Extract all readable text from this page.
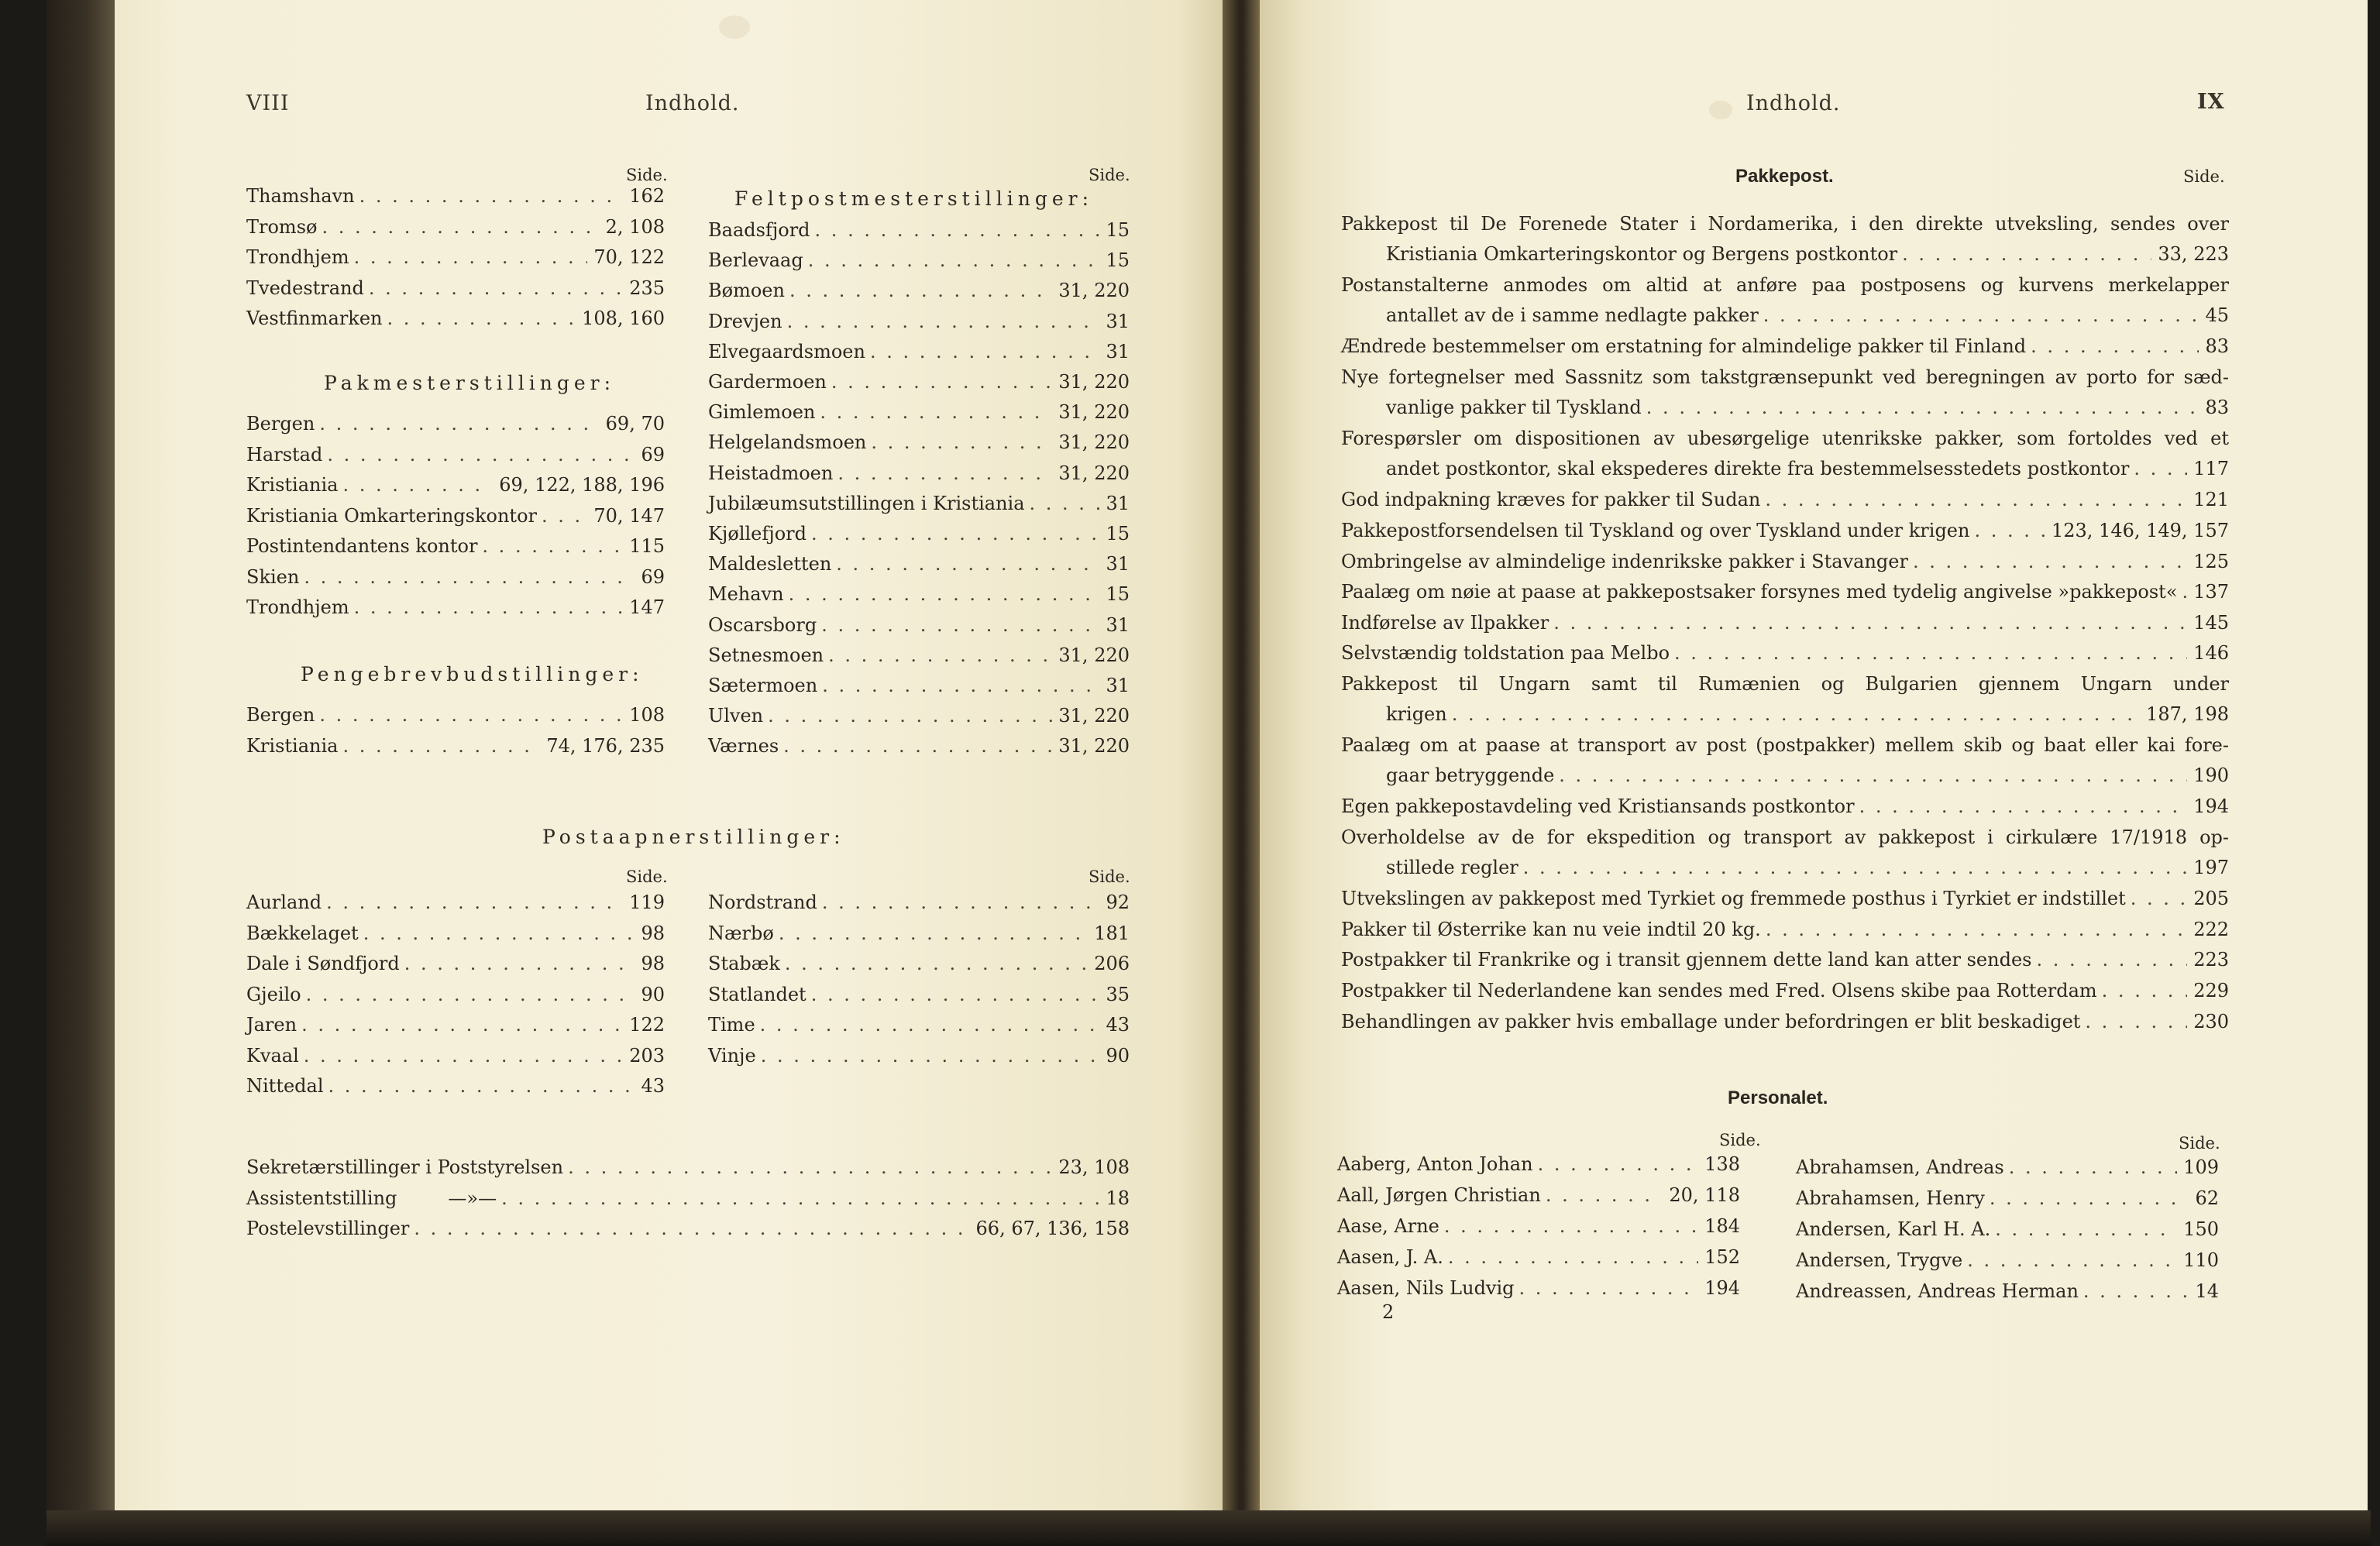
VIII	Indhold.
Side.
Thamshavn . . .	162
Tromsø . . .	2, 108
Trondhjem . . .	70, 122
Tvedestrand . . .	235
Vestfinmarken . . .	108, 160
Pakmesterstillinger:
Bergen . . .	69, 70
Harstad . . .	69
Kristiania . . .	69, 122, 188, 196
Kristiania Omkarteringskontor . . .	70, 147
Postintendantens kontor . . .	115
Skien . . .	69
Trondhjem . . .	147
Pengebrevbudstillinger:
Bergen . . .	108
Kristiania . . .	74, 176, 235
Side.
Feltpostmesterstillinger:
Baadsfjord . . .	15
Berlevaag . . .	15
Bømoen . . .	31, 220
Drevjen . . .	31
Elvegaardsmoen . . .	31
Gardermoen . . .	31, 220
Gimlemoen . . .	31, 220
Helgelandsmoen . . .	31, 220
Heistadmoen . . .	31, 220
Jubilæumsutstillingen i Kristiania . . .	31
Kjøllefjord . . .	15
Maldesletten . . .	31
Mehavn . . .	15
Oscarsborg . . .	31
Setnesmoen . . .	31, 220
Sætermoen . . .	31
Ulven . . .	31, 220
Værnes . . .	31, 220
Postaapnerstillinger:
Side.	Side.
Aurland . . .	119
Bækkelaget . . .	98
Dale i Søndfjord . . .	98
Gjeilo . . .	90
Jaren . . .	122
Kvaal . . .	203
Nittedal . . .	43
Nordstrand . . .	92
Nærbø . . .	181
Stabæk . . .	206
Statlandet . . .	35
Time . . .	43
Vinje . . .	90
Sekretærstillinger i Poststyrelsen . . .	23, 108
Assistentstilling	—»— . . .	18
Postelevstillinger . . .	66, 67, 136, 158
Indhold.	IX
Pakkepost.	Side.
Pakkepost til De Forenede Stater i Nordamerika, i den direkte utveksling, sendes over
Kristiania Omkarteringskontor og Bergens postkontor . . .	33, 223
Postanstalterne anmodes om altid at anføre paa postposens og kurvens merkelapper
antallet av de i samme nedlagte pakker . . .	45
Ændrede bestemmelser om erstatning for almindelige pakker til Finland . . .	83
Nye fortegnelser med Sassnitz som takstgrænsepunkt ved beregningen av porto for sæd-
vanlige pakker til Tyskland . . .	83
Forespørsler om dispositionen av ubesørgelige utenrikske pakker, som fortoldes ved et
andet postkontor, skal ekspederes direkte fra bestemmelsesstedets postkontor . . .	117
God indpakning kræves for pakker til Sudan . . .	121
Pakkepostforsendelsen til Tyskland og over Tyskland under krigen . . .	123, 146, 149, 157
Ombringelse av almindelige indenrikske pakker i Stavanger . . .	125
Paalæg om nøie at paase at pakkepostsaker forsynes med tydelig angivelse »pakkepost« . . . 137
Indførelse av Ilpakker . . .	145
Selvstændig toldstation paa Melbo . . .	146
Pakkepost til Ungarn samt til Rumænien og Bulgarien gjennem Ungarn under
krigen . . .	187, 198
Paalæg om at paase at transport av post (postpakker) mellem skib og baat eller kai fore-
gaar betryggende . . .	190
Egen pakkepostavdeling ved Kristiansands postkontor . . .	194
Overholdelse av de for ekspedition og transport av pakkepost i cirkulære 17/1918 op-
stillede regler . . .	197
Utvekslingen av pakkepost med Tyrkiet og fremmede posthus i Tyrkiet er indstillet . . .	205
Pakker til Østerrike kan nu veie indtil 20 kg. . . .	222
Postpakker til Frankrike og i transit gjennem dette land kan atter sendes . . .	223
Postpakker til Nederlandene kan sendes med Fred. Olsens skibe paa Rotterdam . . .	229
Behandlingen av pakker hvis emballage under befordringen er blit beskadiget . . .	230
Personalet.
Side.	Side.
Aaberg, Anton Johan . . .	138
Aall, Jørgen Christian . . .	20, 118
Aase, Arne . . .	184
Aasen, J. A. . . .	152
Aasen, Nils Ludvig . . .	194
Abrahamsen, Andreas . . .	109
Abrahamsen, Henry . . .	62
Andersen, Karl H. A. . . .	150
Andersen, Trygve . . .	110
Andreassen, Andreas Herman . . .	14
2
